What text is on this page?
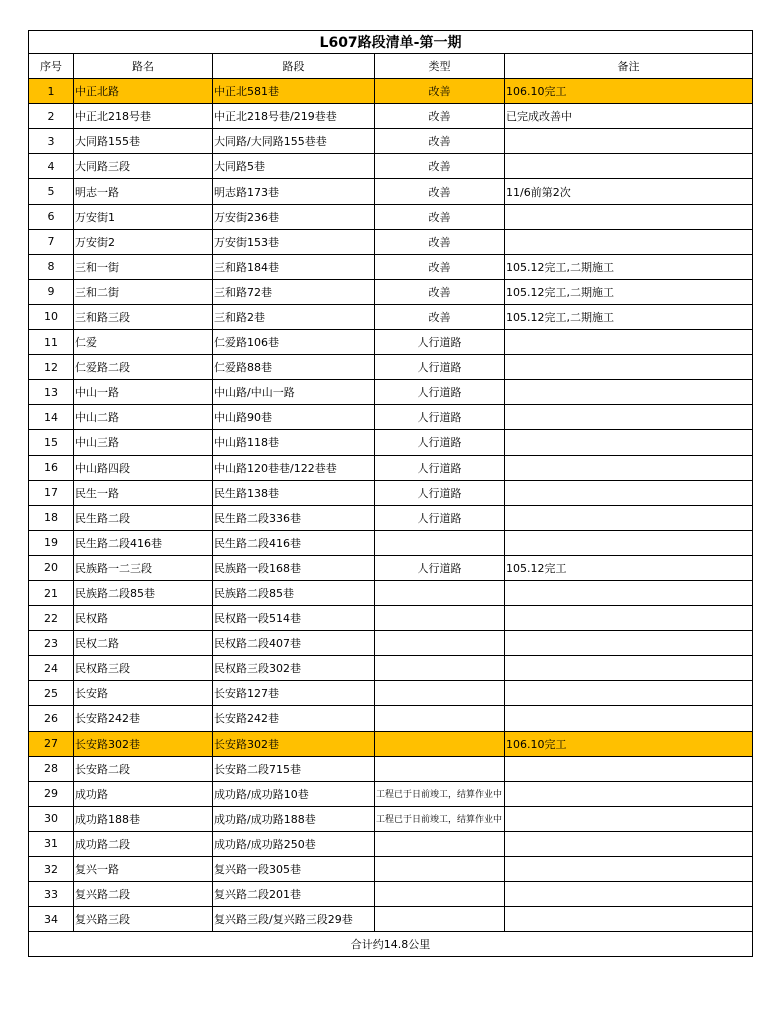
L607路段清单-第一期				
序号	路名	路段	类型	备注
1	中正北路	中正北581巷	改善	106.10完工
2	中正北218号巷	中正北218号巷/219巷巷	改善	已完成改善中
3	大同路155巷	大同路/大同路155巷巷	改善	
4	大同路三段	大同路5巷	改善	
5	明志一路	明志路173巷	改善	11/6前第2次
6	万安街1	万安街236巷	改善	
7	万安街2	万安街153巷	改善	
8	三和一街	三和路184巷	改善	105.12完工,二期施工
9	三和二街	三和路72巷	改善	105.12完工,二期施工
10	三和路三段	三和路2巷	改善	105.12完工,二期施工
11	仁爱	仁爱路106巷	人行道路	
12	仁爱路二段	仁爱路88巷	人行道路	
13	中山一路	中山路/中山一路	人行道路	
14	中山二路	中山路90巷	人行道路	
15	中山三路	中山路118巷	人行道路	
16	中山路四段	中山路120巷巷/122巷巷	人行道路	
17	民生一路	民生路138巷	人行道路	
18	民生路二段	民生路二段336巷	人行道路	
19	民生路二段416巷	民生路二段416巷		
20	民族路一二三段	民族路一段168巷	人行道路	105.12完工
21	民族路二段85巷	民族路二段85巷		
22	民权路	民权路一段514巷		
23	民权二路	民权路二段407巷		
24	民权路三段	民权路三段302巷		
25	长安路	长安路127巷		
26	长安路242巷	长安路242巷		
27	长安路302巷	长安路302巷		106.10完工
28	长安路二段	长安路二段715巷		
29	成功路	成功路/成功路10巷	工程已于日前竣工，结算作业中	
30	成功路188巷	成功路/成功路188巷	工程已于日前竣工，结算作业中	
31	成功路二段	成功路/成功路250巷		
32	复兴一路	复兴路一段305巷		
33	复兴路二段	复兴路二段201巷		
34	复兴路三段	复兴路三段/复兴路三段29巷		
合计约14.8公里				
